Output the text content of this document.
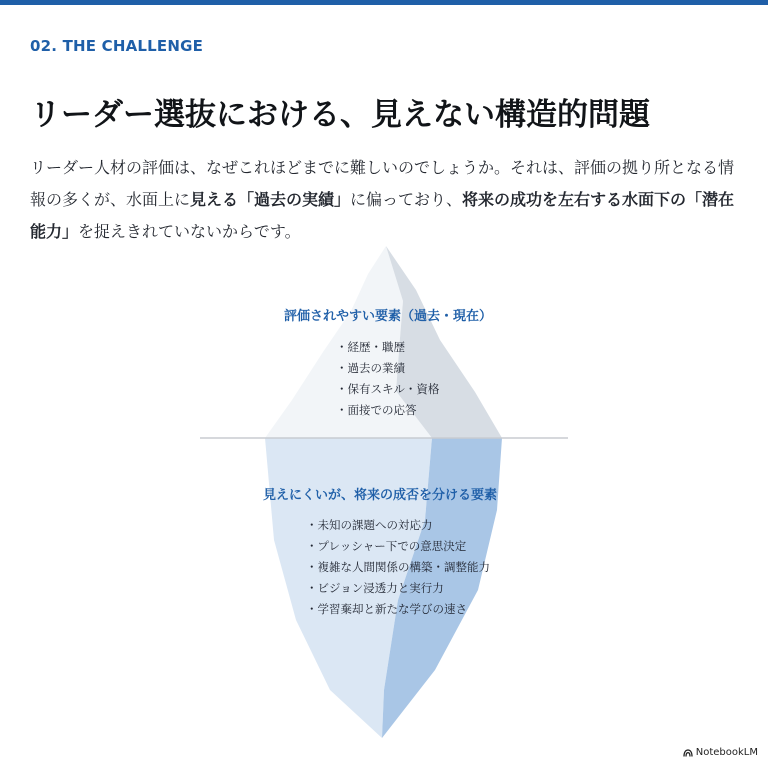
02. THE CHALLENGE
リーダー選抜における、見えない構造的問題
リーダー人材の評価は、なぜこれほどまでに難しいのでしょうか。それは、評価の拠り所となる情報の多くが、水面上に見える「過去の実績」に偏っており、将来の成功を左右する水面下の「潜在能力」を捉えきれていないからです。
評価されやすい要素（過去・現在）
・ 経歴・職歴
・ 過去の業績
・ 保有スキル・資格
・ 面接での応答
見えにくいが、将来の成否を分ける要素
・ 未知の課題への対応力
・ プレッシャー下での意思決定
・ 複雑な人間関係の構築・調整能力
・ ビジョン浸透力と実行力
・ 学習棄却と新たな学びの速さ
NotebookLM
